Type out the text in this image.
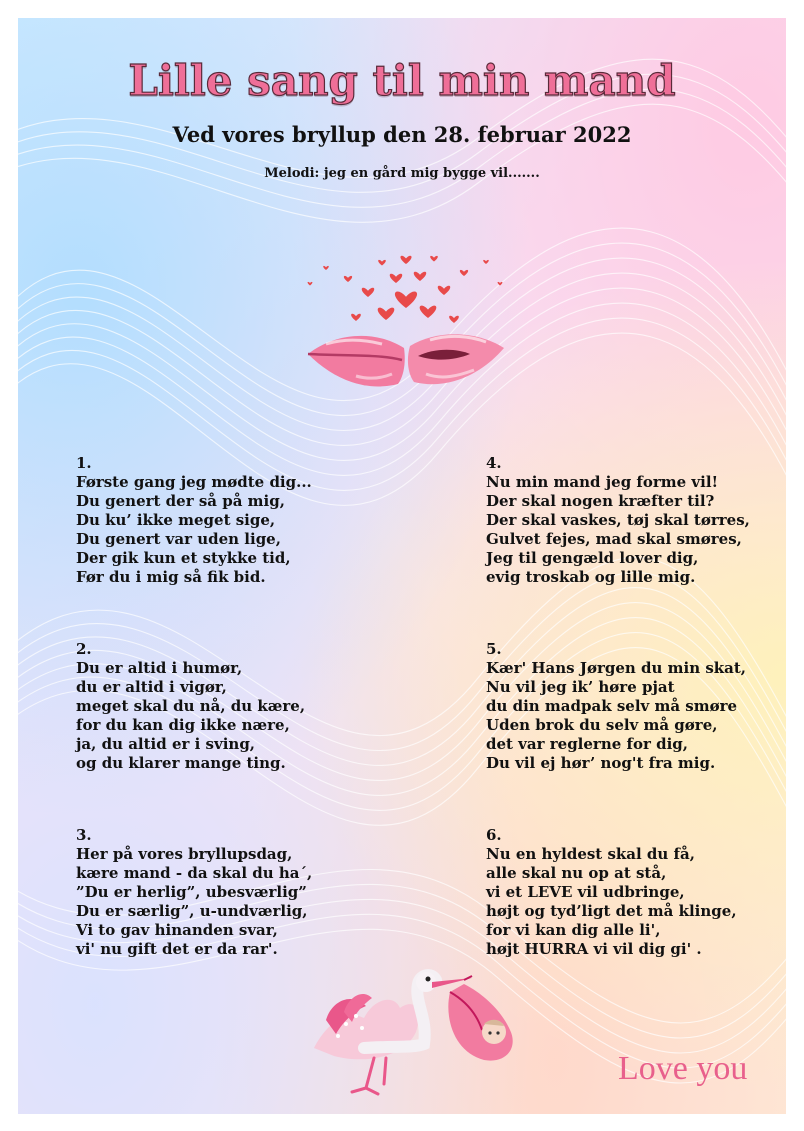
Lille sang til min mand
Ved vores bryllup den 28. februar 2022

Melodi: jeg en gård mig bygge vil.......

1.
Første gang jeg mødte dig...
Du genert der så på mig,
Du ku’ ikke meget sige,
Du genert var uden lige,
Der gik kun et stykke tid,
Før du i mig så fik bid.
2.
Du er altid i humør,
du er altid i vigør,
meget skal du nå, du kære,
for du kan dig ikke nære,
ja, du altid er i sving,
og du klarer mange ting.
3.
Her på vores bryllupsdag,
kære mand - da skal du ha´,
”Du er herlig”, ubesværlig”
Du er særlig”, u-undværlig,
Vi to gav hinanden svar,
vi' nu gift det er da rar'.
4.
Nu min mand jeg forme vil!
Der skal nogen kræfter til?
Der skal vaskes, tøj skal tørres,
Gulvet fejes, mad skal smøres,
Jeg til gengæld lover dig,
evig troskab og lille mig.
5.
Kær' Hans Jørgen du min skat,
Nu vil jeg ik’ høre pjat
du din madpak selv må smøre
Uden brok du selv må gøre,
det var reglerne for dig,
Du vil ej hør’ nog't fra mig.
6.
Nu en hyldest skal du få,
alle skal nu op at stå,
vi et LEVE vil udbringe,
højt og tyd’ligt det må klinge,
for vi kan dig alle li',
højt HURRA vi vil dig gi' .

Love you
